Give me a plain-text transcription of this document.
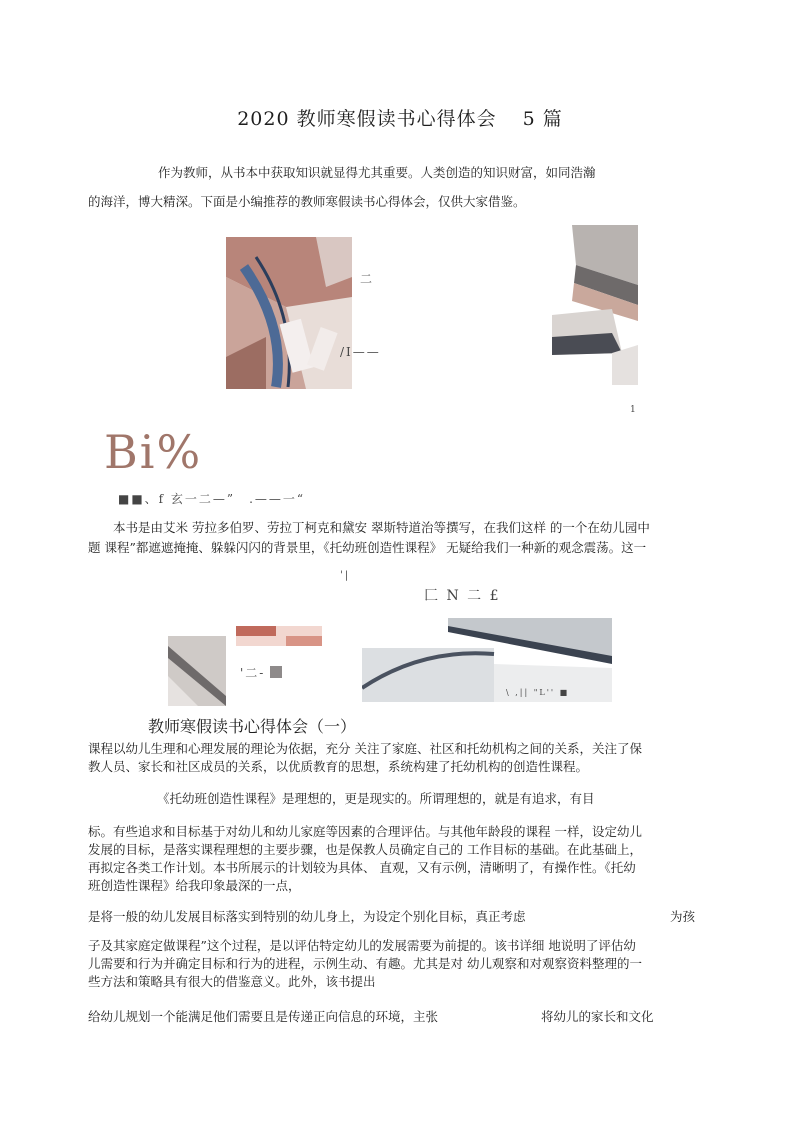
2020 教师寒假读书心得体会 5 篇
作为教师，从书本中获取知识就显得尤其重要。人类创造的知识财富，如同浩瀚
的海洋，博大精深。下面是小编推荐的教师寒假读书心得体会，仅供大家借鉴。
二
/I——
1
Bi%
■■、f 玄一二—”　.——一“
本书是由艾米 劳拉多伯罗、劳拉丁柯克和黛安 翠斯特道治等撰写，在我们这样 的一个在幼儿园中
题 课程”都遮遮掩掩、躲躲闪闪的背景里，《托幼班创造性课程》 无疑给我们一种新的观念震荡。这一
'|
匚 N 二 £
'二-
\ ,|| "L'' ■
教师寒假读书心得体会（一）
课程以幼儿生理和心理发展的理论为依据，充分 关注了家庭、社区和托幼机构之间的关系，关注了保教人员、家长和社区成员的关系，以优质教育的思想，系统构建了托幼机构的创造性课程。
《托幼班创造性课程》是理想的，更是现实的。所谓理想的，就是有追求，有目
标。有些追求和目标基于对幼儿和幼儿家庭等因素的合理评估。与其他年龄段的课程 一样，设定幼儿发展的目标，是落实课程理想的主要步骤，也是保教人员确定自己的 工作目标的基础。在此基础上，再拟定各类工作计划。本书所展示的计划较为具体、 直观，又有示例，清晰明了，有操作性。《托幼班创造性课程》给我印象最深的一点，
是将一般的幼儿发展目标落实到特别的幼儿身上，为设定个别化目标，真正考虑	为孩
子及其家庭定做课程”这个过程，是以评估特定幼儿的发展需要为前提的。该书详细 地说明了评估幼儿需要和行为并确定目标和行为的进程，示例生动、有趣。尤其是对 幼儿观察和对观察资料整理的一些方法和策略具有很大的借鉴意义。此外，该书提出
给幼儿规划一个能满足他们需要且是传递正向信息的环境，主张	将幼儿的家长和文化
